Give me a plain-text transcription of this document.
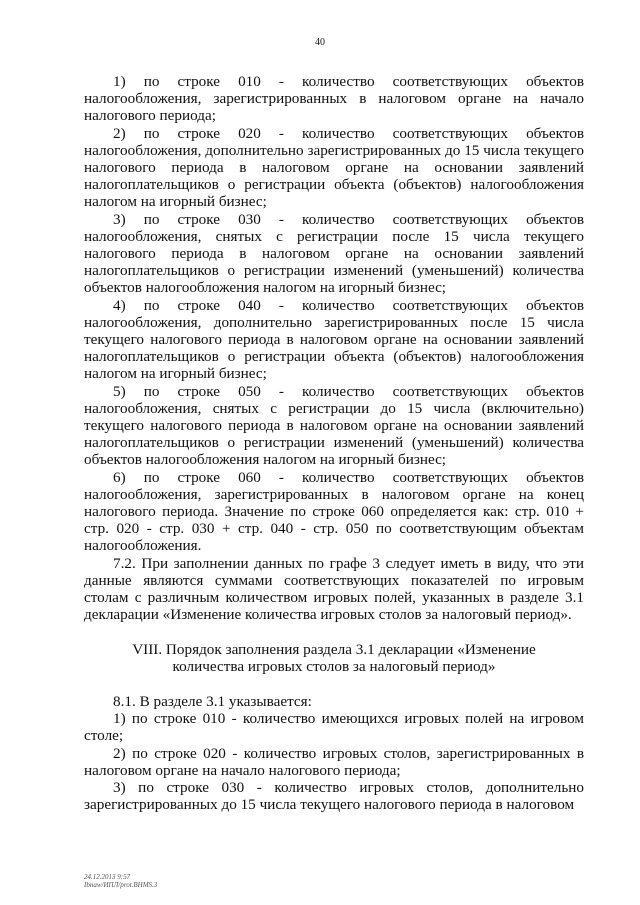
40

1) по строке 010 - количество соответствующих объектов налогообложения, зарегистрированных в налоговом органе на начало налогового периода;

2) по строке 020 - количество соответствующих объектов налогообложения, дополнительно зарегистрированных до 15 числа текущего налогового периода в налоговом органе на основании заявлений налогоплательщиков о регистрации объекта (объектов) налогообложения налогом на игорный бизнес;

3) по строке 030 - количество соответствующих объектов налогообложения, снятых с регистрации после 15 числа текущего налогового периода в налоговом органе на основании заявлений налогоплательщиков о регистрации изменений (уменьшений) количества объектов налогообложения налогом на игорный бизнес;

4) по строке 040 - количество соответствующих объектов налогообложения, дополнительно зарегистрированных после 15 числа текущего налогового периода в налоговом органе на основании заявлений налогоплательщиков о регистрации объекта (объектов) налогообложения налогом на игорный бизнес;

5) по строке 050 - количество соответствующих объектов налогообложения, снятых с регистрации до 15 числа (включительно) текущего налогового периода в налоговом органе на основании заявлений налогоплательщиков о регистрации изменений (уменьшений) количества объектов налогообложения налогом на игорный бизнес;

6) по строке 060 - количество соответствующих объектов налогообложения, зарегистрированных в налоговом органе на конец налогового периода. Значение по строке 060 определяется как: стр. 010 + стр. 020 - стр. 030 + стр. 040 - стр. 050 по соответствующим объектам налогообложения.

7.2. При заполнении данных по графе 3 следует иметь в виду, что эти данные являются суммами соответствующих показателей по игровым столам с различным количеством игровых полей, указанных в разделе 3.1 декларации «Изменение количества игровых столов за налоговый период».

VIII. Порядок заполнения раздела 3.1 декларации «Изменение
количества игровых столов за налоговый период»

8.1. В разделе 3.1 указывается:

1) по строке 010 - количество имеющихся игровых полей на игровом столе;

2) по строке 020 - количество игровых столов, зарегистрированных в налоговом органе на начало налогового периода;

3) по строке 030 - количество игровых столов, дополнительно зарегистрированных до 15 числа текущего налогового периода в налоговом

24.12.2013 9:57
Ibnaw/ИПЛ/prot.BHMS.3
